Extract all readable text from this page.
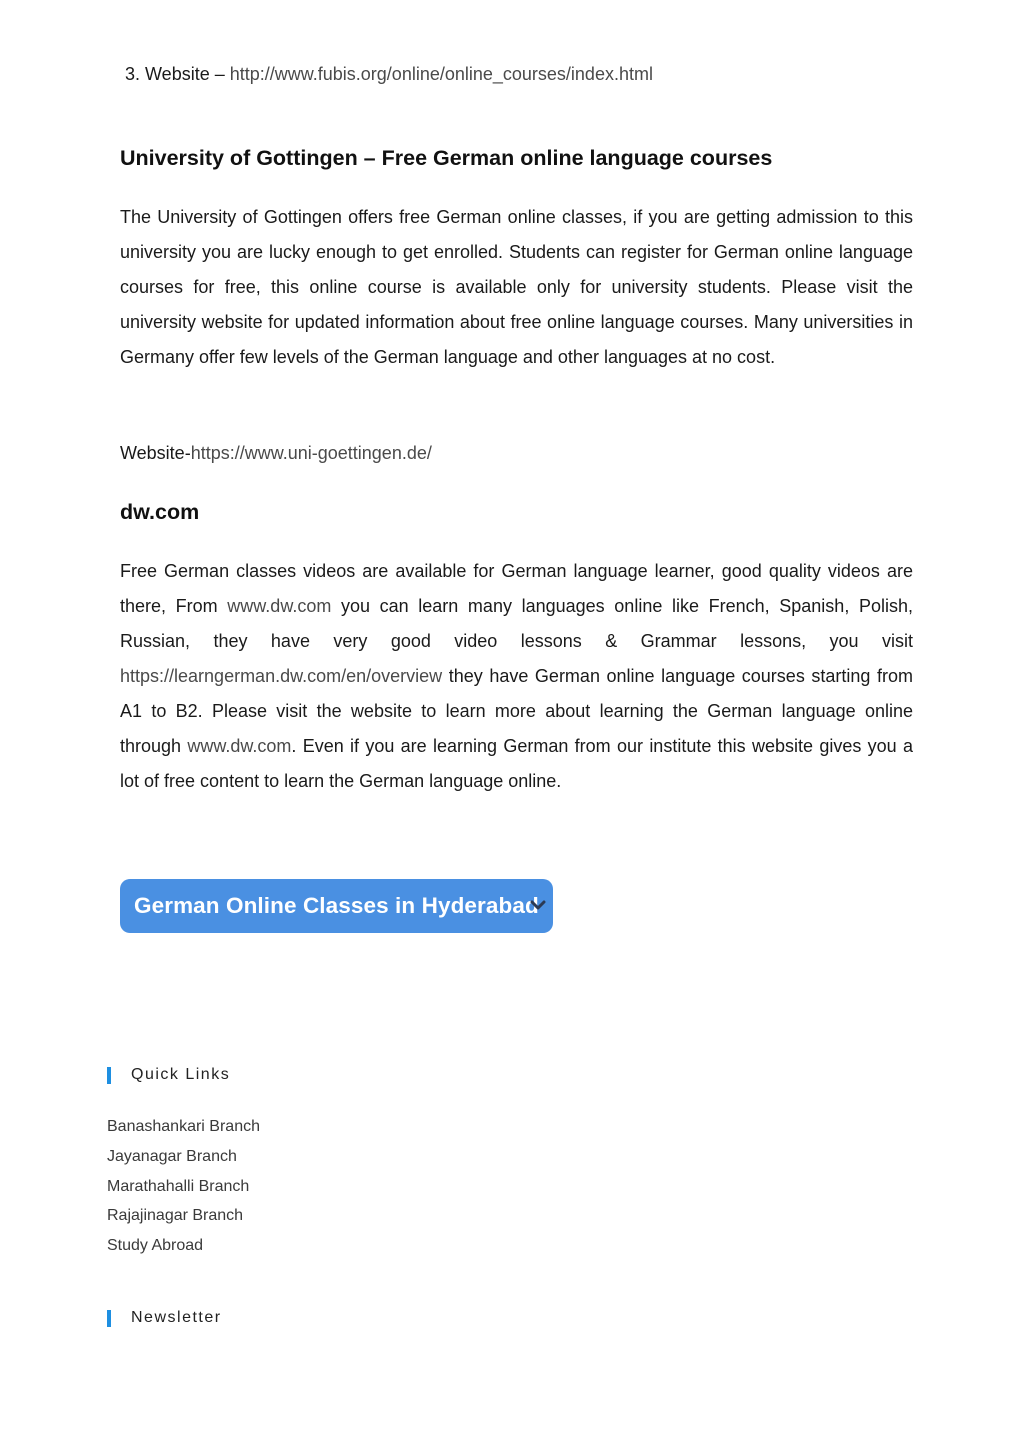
3. Website – http://www.fubis.org/online/online_courses/index.html
University of Gottingen – Free German online language courses

The University of Gottingen offers free German online classes, if you are getting admission to this university you are lucky enough to get enrolled. Students can register for German online language courses for free, this online course is available only for university students. Please visit the university website for updated information about free online language courses. Many universities in Germany offer few levels of the German language and other languages at no cost.

Website-https://www.uni-goettingen.de/
dw.com

Free German classes videos are available for German language learner, good quality videos are there, From www.dw.com you can learn many languages online like French, Spanish, Polish, Russian, they have very good video lessons & Grammar lessons, you visit https://learngerman.dw.com/en/overview they have German online language courses starting from A1 to B2. Please visit the website to learn more about learning the German language online through www.dw.com. Even if you are learning German from our institute this website gives you a lot of free content to learn the German language online.

German Online Classes in Hyderabad
Quick Links
Banashankari Branch
Jayanagar Branch
Marathahalli Branch
Rajajinagar Branch
Study Abroad
Newsletter
